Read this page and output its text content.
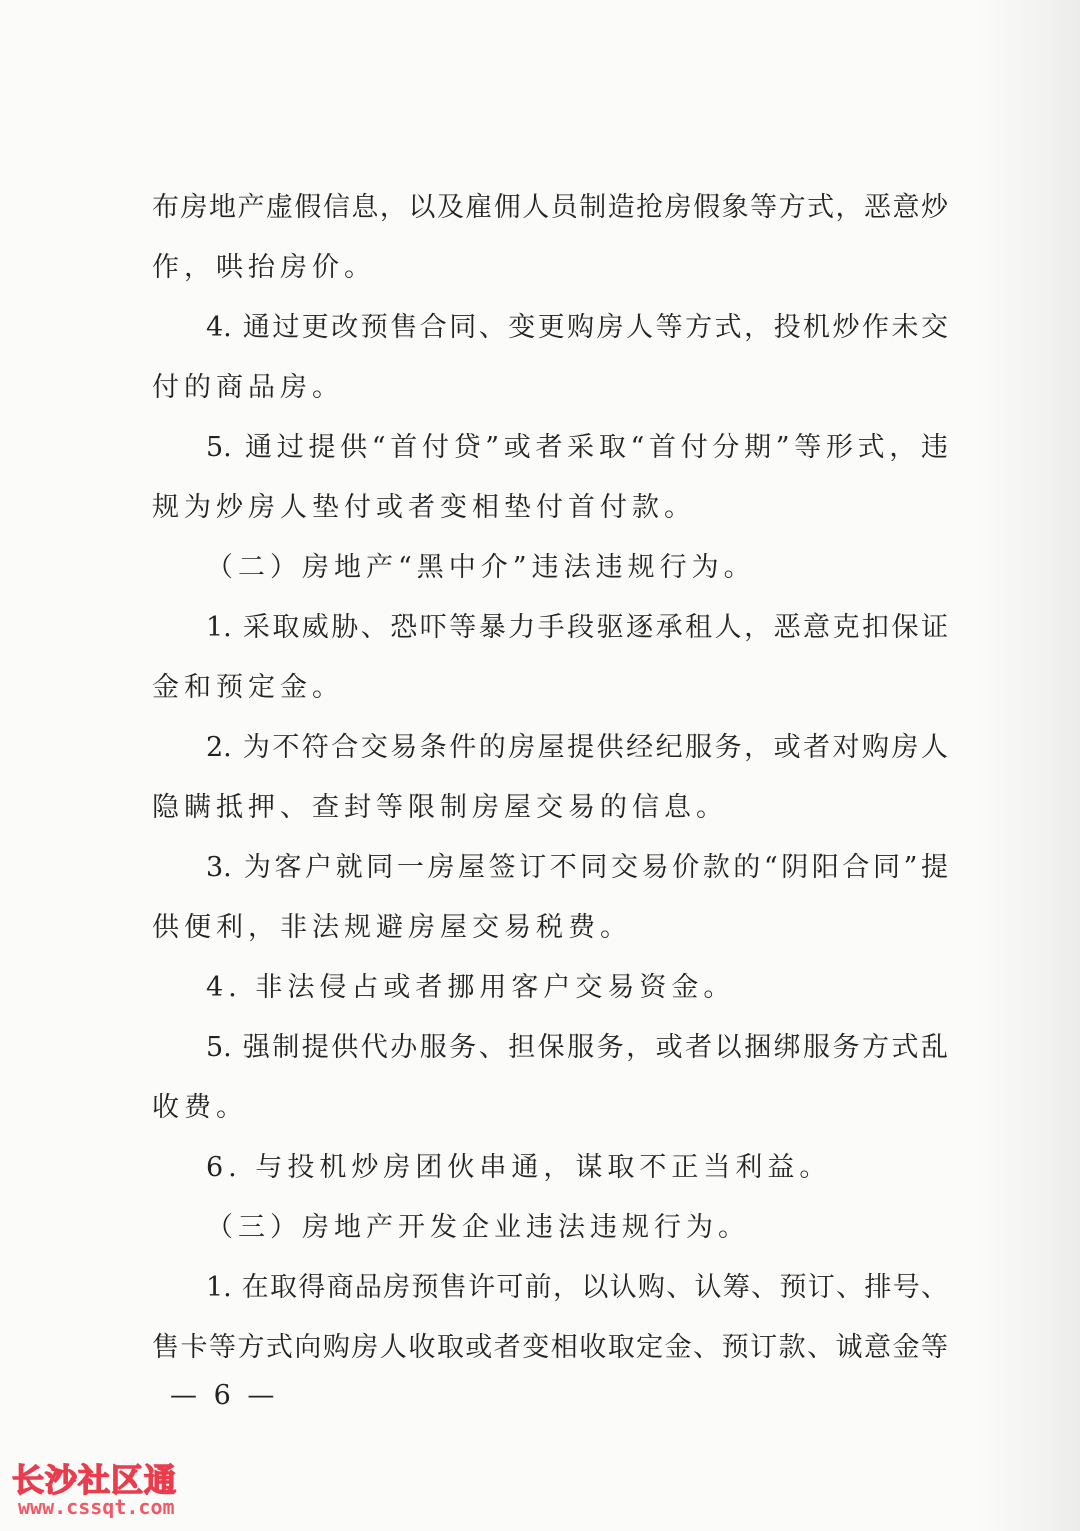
布房地产虚假信息，以及雇佣人员制造抢房假象等方式，恶意炒
作，哄抬房价。
4. 通过更改预售合同、变更购房人等方式，投机炒作未交
付的商品房。
5. 通过提供“首付贷”或者采取“首付分期”等形式，违
规为炒房人垫付或者变相垫付首付款。
（二）房地产“黑中介”违法违规行为。
1. 采取威胁、恐吓等暴力手段驱逐承租人，恶意克扣保证
金和预定金。
2. 为不符合交易条件的房屋提供经纪服务，或者对购房人
隐瞒抵押、查封等限制房屋交易的信息。
3. 为客户就同一房屋签订不同交易价款的“阴阳合同”提
供便利，非法规避房屋交易税费。
4. 非法侵占或者挪用客户交易资金。
5. 强制提供代办服务、担保服务，或者以捆绑服务方式乱
收费。
6. 与投机炒房团伙串通，谋取不正当利益。
（三）房地产开发企业违法违规行为。
1. 在取得商品房预售许可前，以认购、认筹、预订、排号、
售卡等方式向购房人收取或者变相收取定金、预订款、诚意金等
— 6 —
长沙社区通
www.cssqt.com
